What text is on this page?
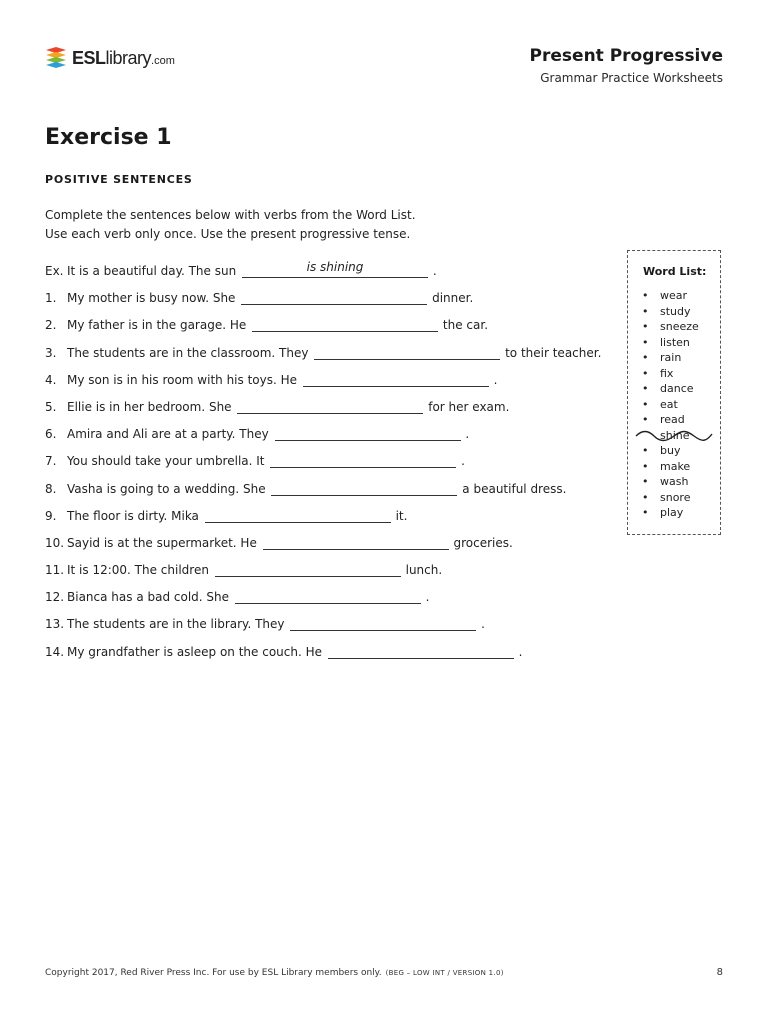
ESLlibrary.com	Present Progressive
Grammar Practice Worksheets
Exercise 1
POSITIVE SENTENCES
Complete the sentences below with verbs from the Word List.
Use each verb only once. Use the present progressive tense.
Ex. It is a beautiful day. The sun	is shining	.
1. My mother is busy now. She	dinner.
2. My father is in the garage. He	the car.
3. The students are in the classroom. They	to their teacher.
4. My son is in his room with his toys. He	.
5. Ellie is in her bedroom. She	for her exam.
6. Amira and Ali are at a party. They	.
7. You should take your umbrella. It	.
8. Vasha is going to a wedding. She	a beautiful dress.
9. The floor is dirty. Mika	it.
10. Sayid is at the supermarket. He	groceries.
11. It is 12:00. The children	lunch.
12. Bianca has a bad cold. She	.
13. The students are in the library. They	.
14. My grandfather is asleep on the couch. He	.
Word List:
• wear
• study
• sneeze
• listen
• rain
• fix
• dance
• eat
• read
shine
• buy
• make
• wash
• snore
• play
Copyright 2017, Red River Press Inc. For use by ESL Library members only. (BEG – LOW INT / VERSION 1.0)	8
